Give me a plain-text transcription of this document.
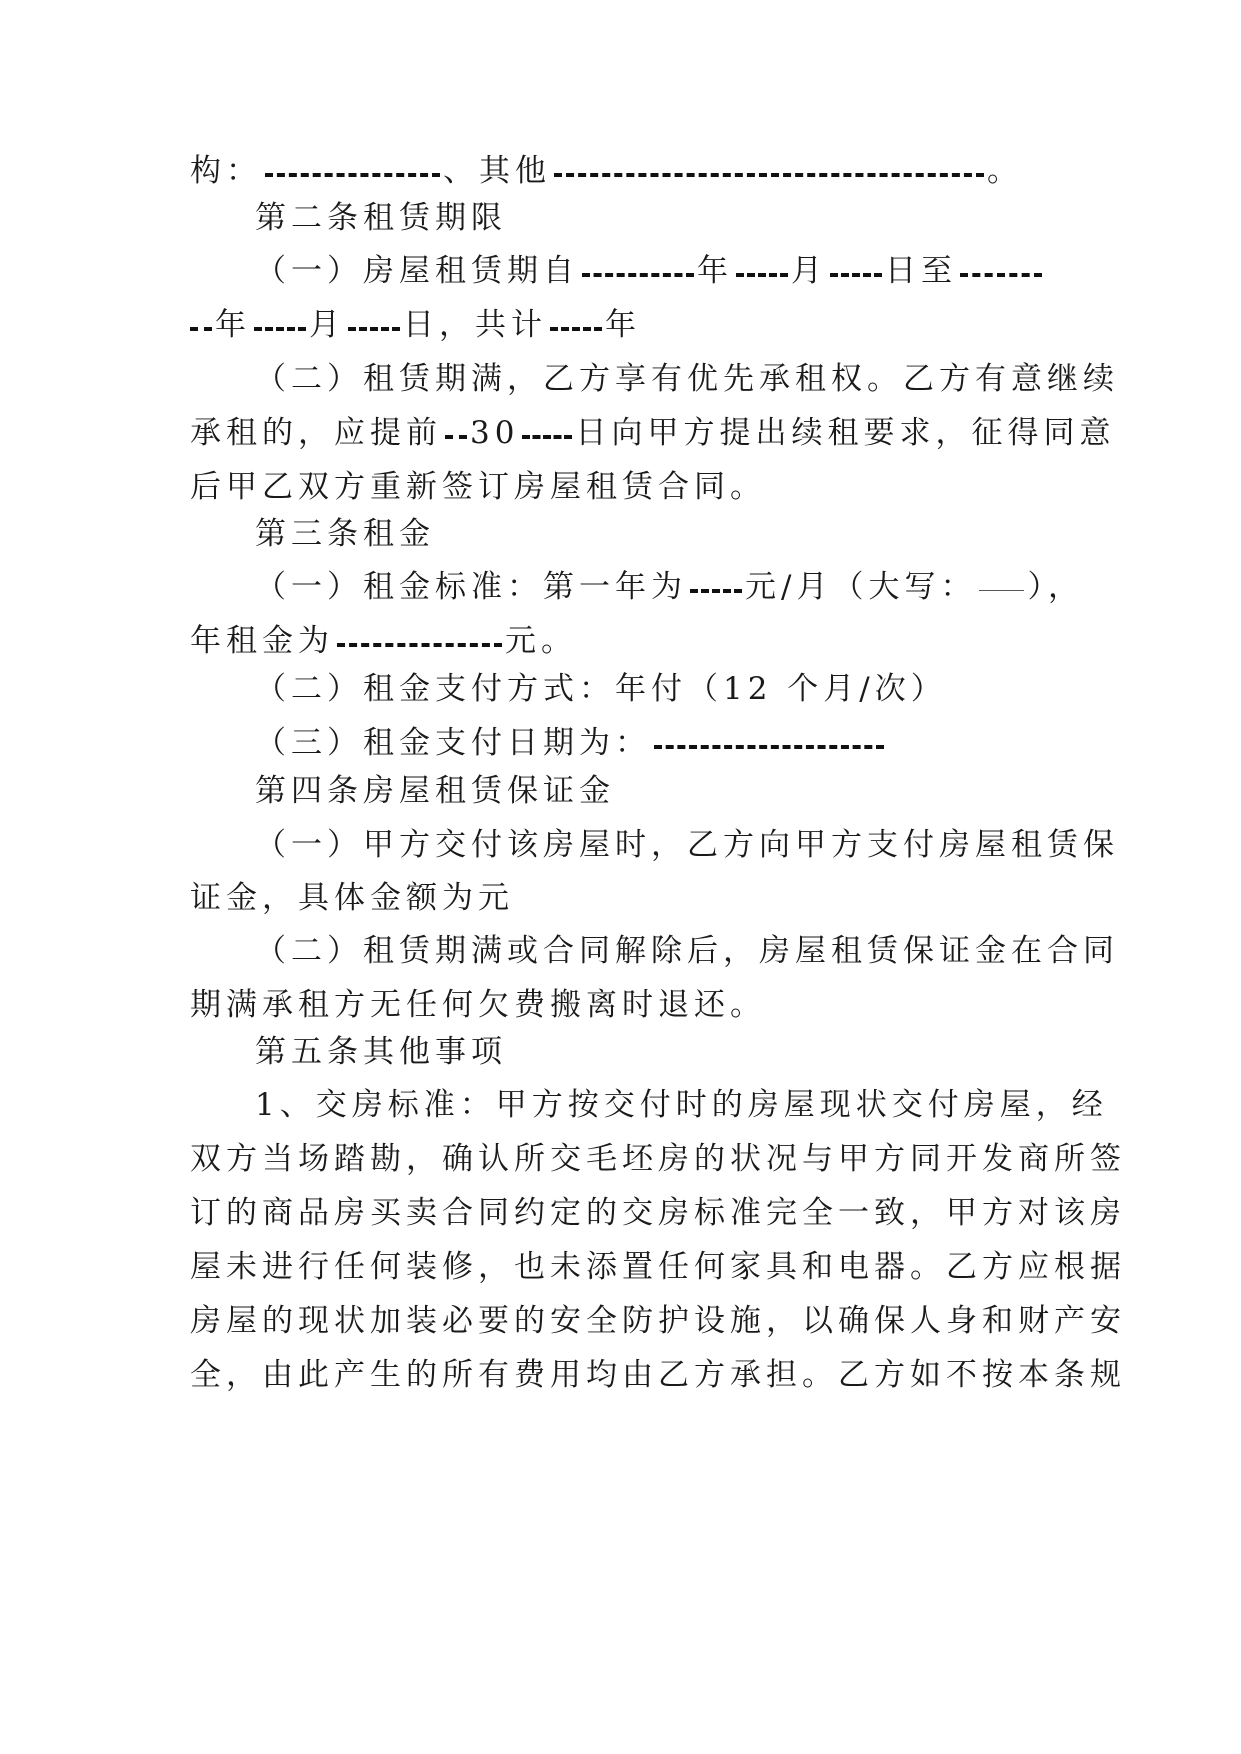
构：	、其他	。
第二条租赁期限
（一）房屋租赁期自	年 月 日至
年 月 日，共计 年
（二）租赁期满，乙方享有优先承租权。乙方有意继续
承租的，应提前 30 日向甲方提出续租要求，征得同意
后甲乙双方重新签订房屋租赁合同。
第三条租金
（一）租金标准：第一年为 元/月（大写： ），
年租金为	元。
（二）租金支付方式：年付（12 个月/次）
（三）租金支付日期为：
第四条房屋租赁保证金
（一）甲方交付该房屋时，乙方向甲方支付房屋租赁保
证金，具体金额为元
（二）租赁期满或合同解除后，房屋租赁保证金在合同
期满承租方无任何欠费搬离时退还。
第五条其他事项
1、交房标准：甲方按交付时的房屋现状交付房屋，经
双方当场踏勘，确认所交毛坯房的状况与甲方同开发商所签
订的商品房买卖合同约定的交房标准完全一致，甲方对该房
屋未进行任何装修，也未添置任何家具和电器。乙方应根据
房屋的现状加装必要的安全防护设施，以确保人身和财产安
全，由此产生的所有费用均由乙方承担。乙方如不按本条规
